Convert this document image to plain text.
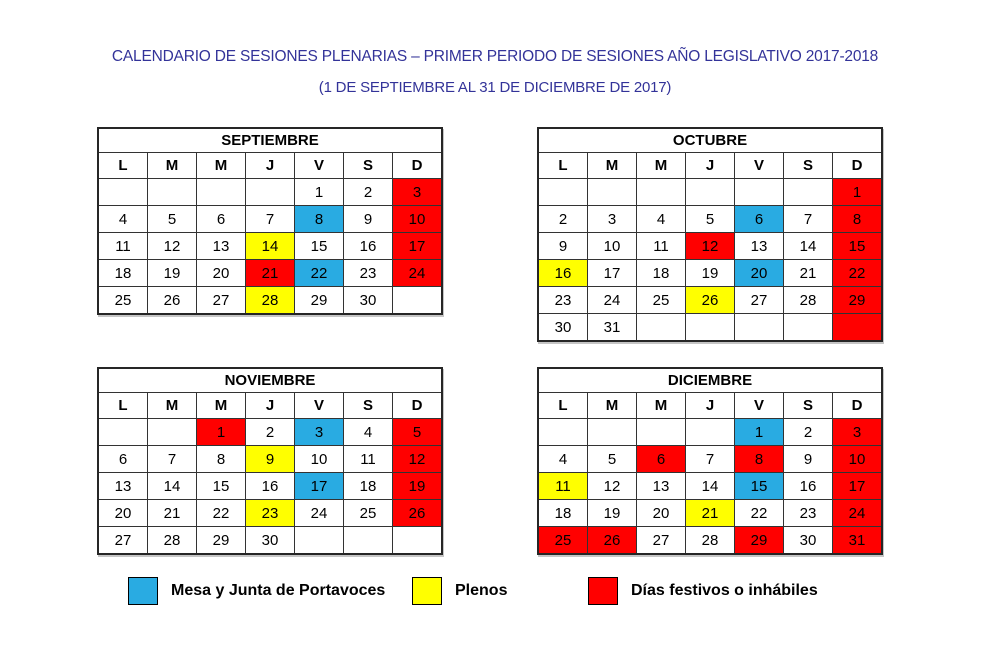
CALENDARIO DE SESIONES PLENARIAS – PRIMER PERIODO DE SESIONES AÑO LEGISLATIVO 2017-2018
(1 DE SEPTIEMBRE AL 31 DE DICIEMBRE DE 2017)
SEPTIEMBRE						
L	M	M	J	V	S	D
				1	2	3
4	5	6	7	8	9	10
11	12	13	14	15	16	17
18	19	20	21	22	23	24
25	26	27	28	29	30	
OCTUBRE						
L	M	M	J	V	S	D
						1
2	3	4	5	6	7	8
9	10	11	12	13	14	15
16	17	18	19	20	21	22
23	24	25	26	27	28	29
30	31					
NOVIEMBRE						
L	M	M	J	V	S	D
		1	2	3	4	5
6	7	8	9	10	11	12
13	14	15	16	17	18	19
20	21	22	23	24	25	26
27	28	29	30			
DICIEMBRE						
L	M	M	J	V	S	D
				1	2	3
4	5	6	7	8	9	10
11	12	13	14	15	16	17
18	19	20	21	22	23	24
25	26	27	28	29	30	31
Mesa y Junta de Portavoces	Plenos	Días festivos o inhábiles
